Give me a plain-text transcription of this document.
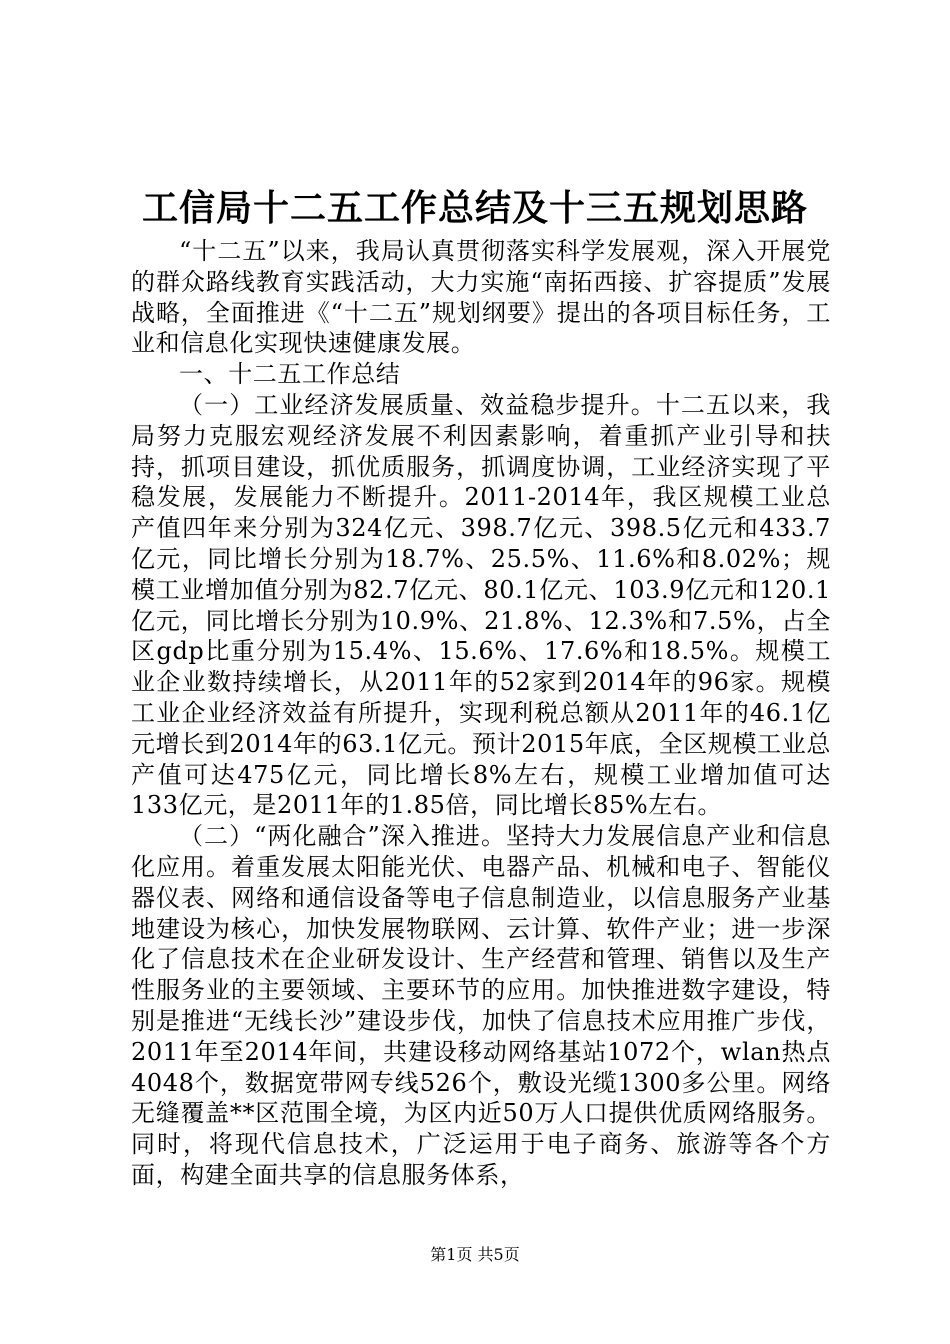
工信局十二五工作总结及十三五规划思路

“十二五”以来，我局认真贯彻落实科学发展观，深入开展党的群众路线教育实践活动，大力实施“南拓西接、扩容提质”发展战略，全面推进《“十二五”规划纲要》提出的各项目标任务，工业和信息化实现快速健康发展。

一、十二五工作总结

（一）工业经济发展质量、效益稳步提升。十二五以来，我局努力克服宏观经济发展不利因素影响，着重抓产业引导和扶持，抓项目建设，抓优质服务，抓调度协调，工业经济实现了平稳发展，发展能力不断提升。2011-2014年，我区规模工业总产值四年来分别为324亿元、398.7亿元、398.5亿元和433.7亿元，同比增长分别为18.7%、25.5%、11.6%和8.02%；规模工业增加值分别为82.7亿元、80.1亿元、103.9亿元和120.1亿元，同比增长分别为10.9%、21.8%、12.3%和7.5%，占全区gdp比重分别为15.4%、15.6%、17.6%和18.5%。规模工业企业数持续增长，从2011年的52家到2014年的96家。规模工业企业经济效益有所提升，实现利税总额从2011年的46.1亿元增长到2014年的63.1亿元。预计2015年底，全区规模工业总产值可达475亿元，同比增长8%左右，规模工业增加值可达133亿元，是2011年的1.85倍，同比增长85%左右。

（二）“两化融合”深入推进。坚持大力发展信息产业和信息化应用。着重发展太阳能光伏、电器产品、机械和电子、智能仪器仪表、网络和通信设备等电子信息制造业，以信息服务产业基地建设为核心，加快发展物联网、云计算、软件产业；进一步深化了信息技术在企业研发设计、生产经营和管理、销售以及生产性服务业的主要领域、主要环节的应用。加快推进数字建设，特别是推进“无线长沙”建设步伐，加快了信息技术应用推广步伐，2011年至2014年间，共建设移动网络基站1072个，wlan热点4048个，数据宽带网专线526个，敷设光缆1300多公里。网络无缝覆盖**区范围全境，为区内近50万人口提供优质网络服务。同时，将现代信息技术，广泛运用于电子商务、旅游等各个方面，构建全面共享的信息服务体系，

第1页 共5页
